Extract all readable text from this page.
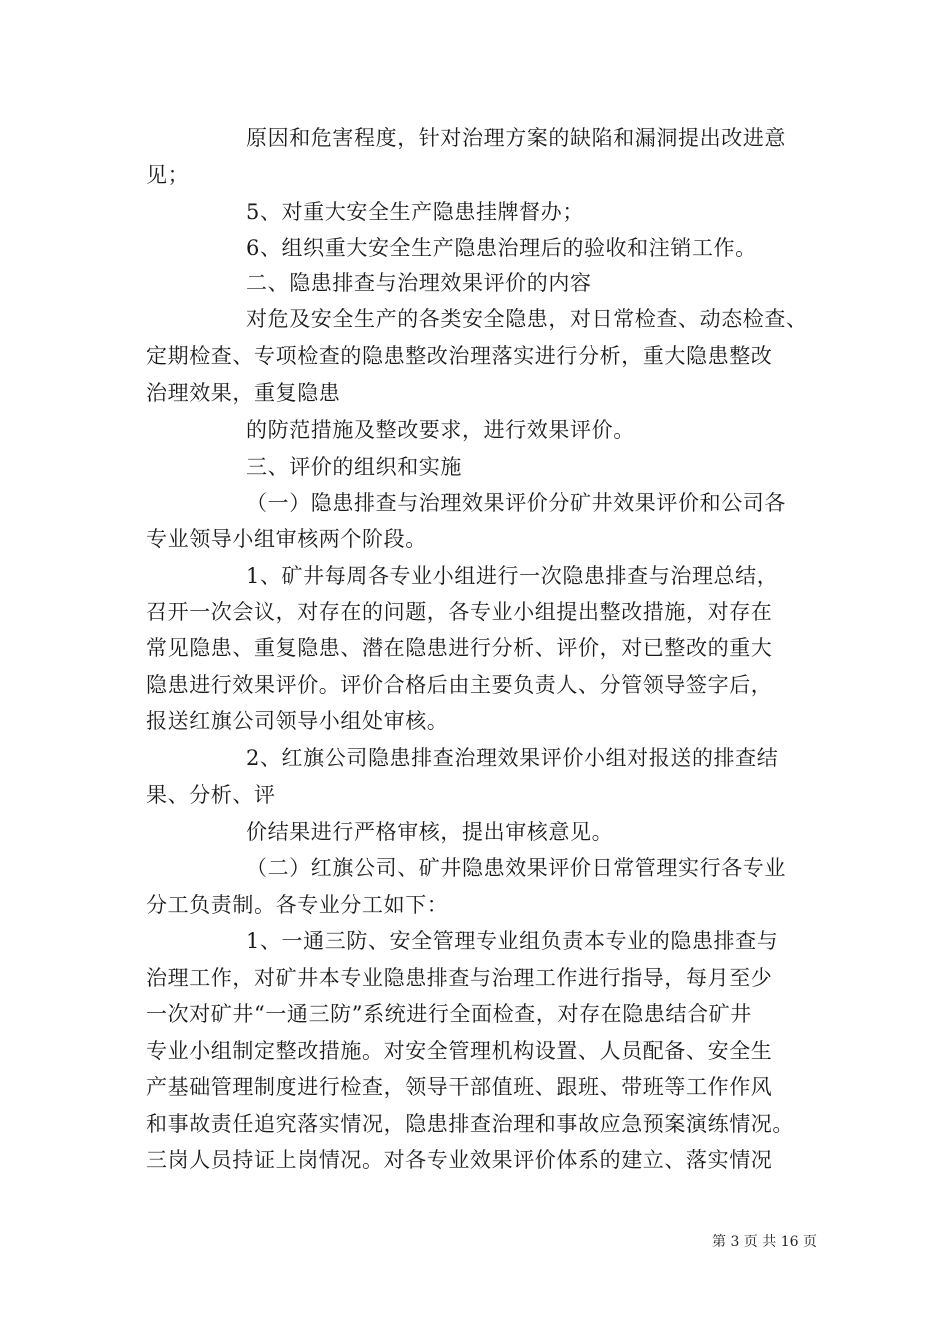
原因和危害程度，针对治理方案的缺陷和漏洞提出改进意
见；
5、对重大安全生产隐患挂牌督办；
6、组织重大安全生产隐患治理后的验收和注销工作。
二、隐患排查与治理效果评价的内容
对危及安全生产的各类安全隐患，对日常检查、动态检查、
定期检查、专项检查的隐患整改治理落实进行分析，重大隐患整改
治理效果，重复隐患
的防范措施及整改要求，进行效果评价。
三、评价的组织和实施
（一）隐患排查与治理效果评价分矿井效果评价和公司各
专业领导小组审核两个阶段。
1、矿井每周各专业小组进行一次隐患排查与治理总结，
召开一次会议，对存在的问题，各专业小组提出整改措施，对存在
常见隐患、重复隐患、潜在隐患进行分析、评价，对已整改的重大
隐患进行效果评价。评价合格后由主要负责人、分管领导签字后，
报送红旗公司领导小组处审核。
2、红旗公司隐患排查治理效果评价小组对报送的排查结
果、分析、评
价结果进行严格审核，提出审核意见。
（二）红旗公司、矿井隐患效果评价日常管理实行各专业
分工负责制。各专业分工如下：
1、一通三防、安全管理专业组负责本专业的隐患排查与
治理工作，对矿井本专业隐患排查与治理工作进行指导，每月至少
一次对矿井“一通三防”系统进行全面检查，对存在隐患结合矿井
专业小组制定整改措施。对安全管理机构设置、人员配备、安全生
产基础管理制度进行检查，领导干部值班、跟班、带班等工作作风
和事故责任追究落实情况，隐患排查治理和事故应急预案演练情况。
三岗人员持证上岗情况。对各专业效果评价体系的建立、落实情况
第 3 页 共 16 页
